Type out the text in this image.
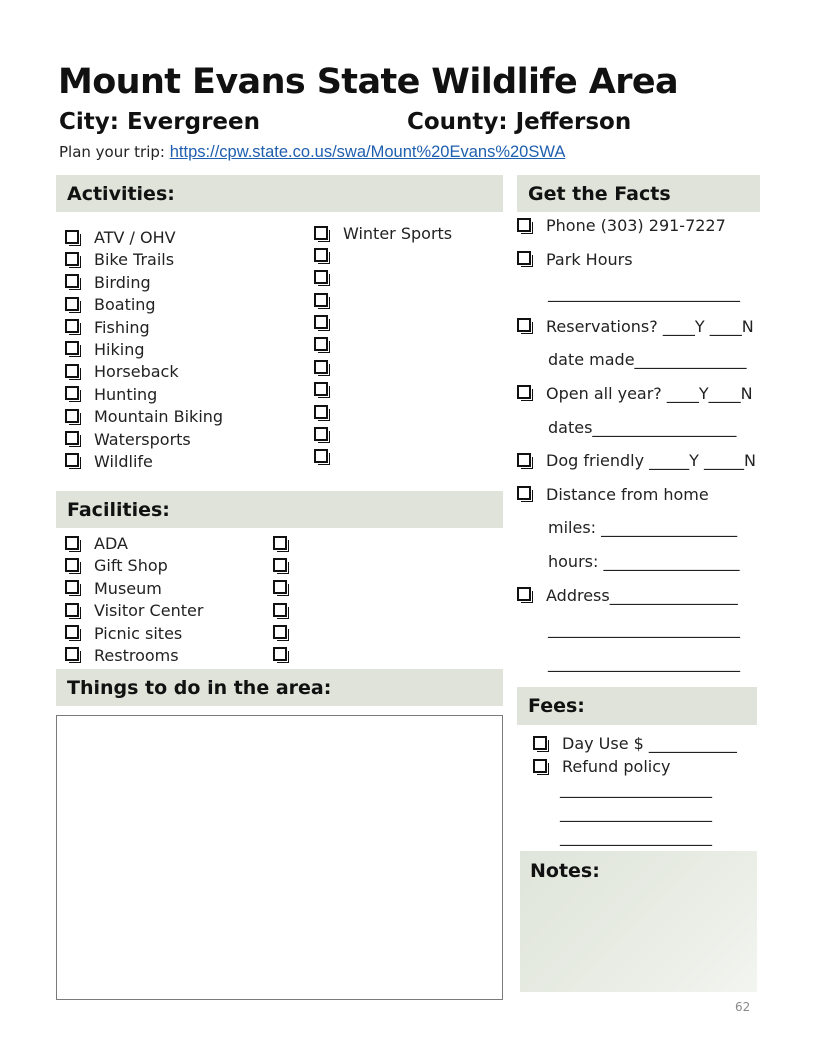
Mount Evans State Wildlife Area
City: Evergreen	County: Jefferson
Plan your trip: https://cpw.state.co.us/swa/Mount%20Evans%20SWA
Activities:
ATV / OHV
Bike Trails
Birding
Boating
Fishing
Hiking
Horseback
Hunting
Mountain Biking
Watersports
Wildlife
Winter Sports
Facilities:
ADA
Gift Shop
Museum
Visitor Center
Picnic sites
Restrooms
Things to do in the area:
Get the Facts
Phone (303) 291-7227
Park Hours
________________________
Reservations? ____Y ____N
date made______________
Open all year? ____Y____N
dates__________________
Dog friendly _____Y _____N
Distance from home
miles: _________________
hours: _________________
Address________________
________________________
________________________
Fees:
Day Use $ ___________
Refund policy
___________________
___________________
___________________
Notes:
62
